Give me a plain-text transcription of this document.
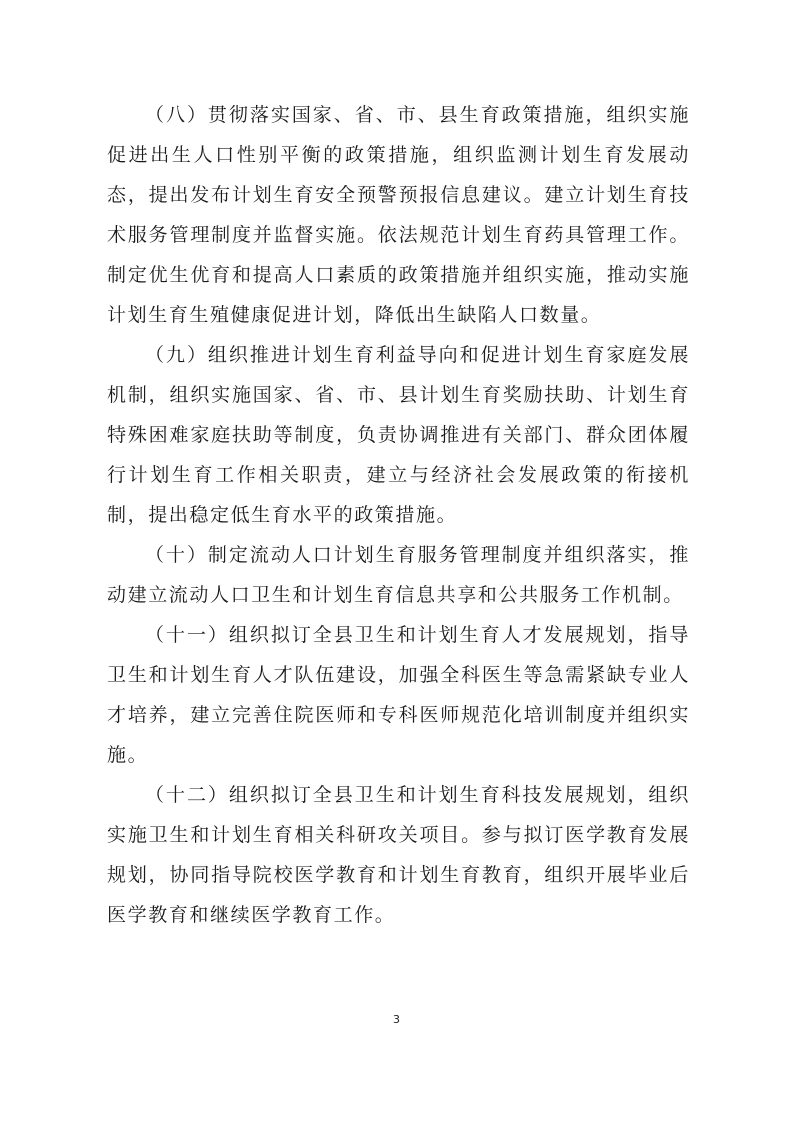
（八）贯彻落实国家、省、市、县生育政策措施，组织实施促进出生人口性别平衡的政策措施，组织监测计划生育发展动态，提出发布计划生育安全预警预报信息建议。建立计划生育技术服务管理制度并监督实施。依法规范计划生育药具管理工作。制定优生优育和提高人口素质的政策措施并组织实施，推动实施计划生育生殖健康促进计划，降低出生缺陷人口数量。

（九）组织推进计划生育利益导向和促进计划生育家庭发展机制，组织实施国家、省、市、县计划生育奖励扶助、计划生育特殊困难家庭扶助等制度，负责协调推进有关部门、群众团体履行计划生育工作相关职责，建立与经济社会发展政策的衔接机制，提出稳定低生育水平的政策措施。

（十）制定流动人口计划生育服务管理制度并组织落实，推动建立流动人口卫生和计划生育信息共享和公共服务工作机制。

（十一）组织拟订全县卫生和计划生育人才发展规划，指导卫生和计划生育人才队伍建设，加强全科医生等急需紧缺专业人才培养，建立完善住院医师和专科医师规范化培训制度并组织实施。

（十二）组织拟订全县卫生和计划生育科技发展规划，组织实施卫生和计划生育相关科研攻关项目。参与拟订医学教育发展规划，协同指导院校医学教育和计划生育教育，组织开展毕业后医学教育和继续医学教育工作。

3
